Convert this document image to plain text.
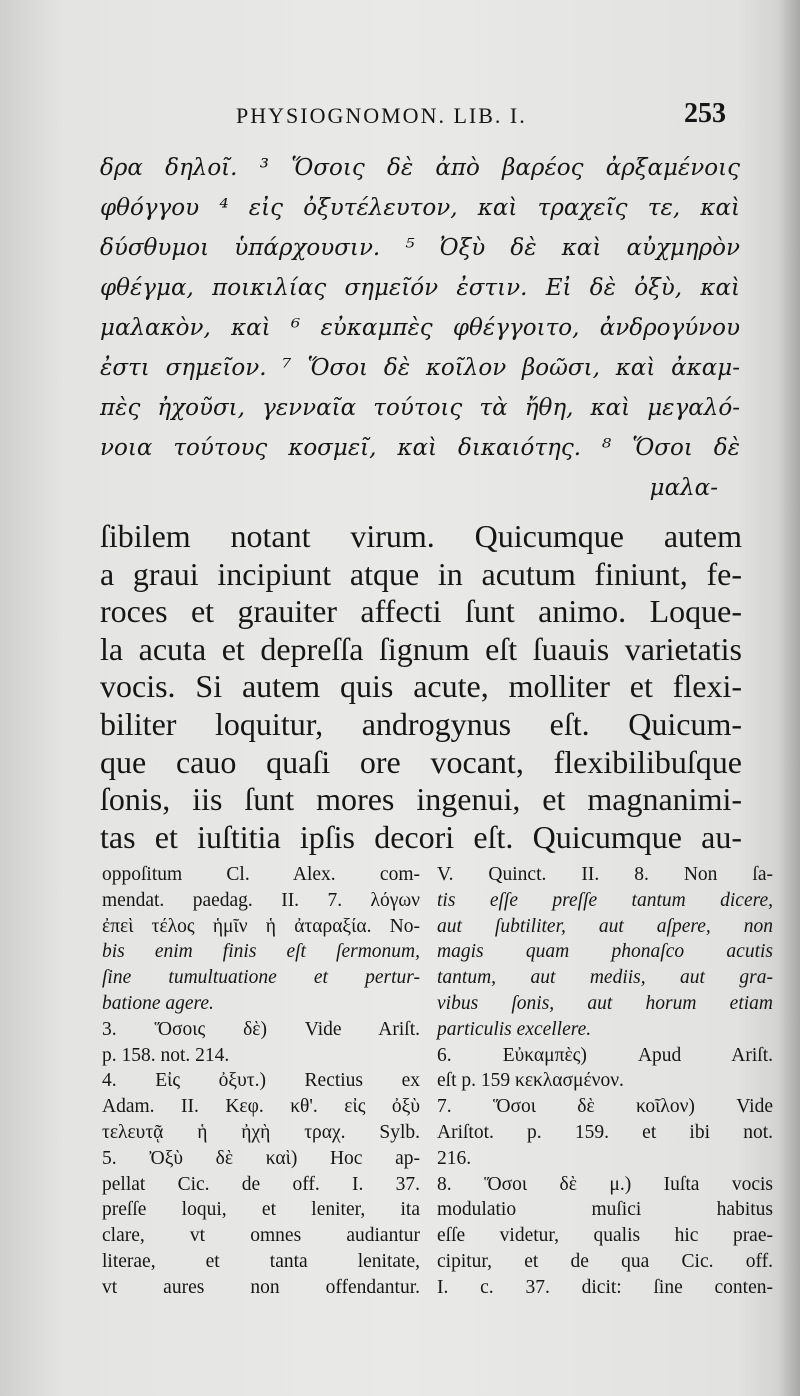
PHYSIOGNOMON. LIB. I.	253
δρα δηλοῖ. ³ Ὅσοις δὲ ἀπὸ βαρέος ἀρξαμένοις
φθόγγου ⁴ εἰς ὀξυτέλευτον, καὶ τραχεῖς τε, καὶ
δύσθυμοι ὑπάρχουσιν. ⁵ Ὀξὺ δὲ καὶ αὐχμηρὸν
φθέγμα, ποικιλίας σημεῖόν ἐστιν. Εἰ δὲ ὀξὺ, καὶ
μαλακὸν, καὶ ⁶ εὐκαμπὲς φθέγγοιτο, ἀνδρογύνου
ἐστι σημεῖον. ⁷ Ὅσοι δὲ κοῖλον βοῶσι, καὶ ἀκαμ-
πὲς ἠχοῦσι, γενναῖα τούτοις τὰ ἤθη, καὶ μεγαλό-
νοια τούτους κοσμεῖ, καὶ δικαιότης. ⁸ Ὅσοι δὲ
μαλα-
ſibilem notant virum. Quicumque autem
a graui incipiunt atque in acutum finiunt, fe-
roces et grauiter affecti ſunt animo. Loque-
la acuta et depreſſa ſignum eſt ſuauis varietatis
vocis. Si autem quis acute, molliter et flexi-
biliter loquitur, androgynus eſt. Quicum-
que cauo quaſi ore vocant, flexibilibuſque
ſonis, iis ſunt mores ingenui, et magnanimi-
tas et iuſtitia ipſis decori eſt. Quicumque au-
oppoſitum Cl. Alex. com-
mendat. paedag. II. 7. λόγων
ἐπεὶ τέλος ἡμῖν ἡ ἀταραξία. No-
bis enim finis eſt ſermonum,
ſine tumultuatione et pertur-
batione agere.
3. Ὅσοις δὲ) Vide Ariſt.
p. 158. not. 214.
4. Εἰς ὀξυτ.) Rectius ex
Adam. II. Κεφ. κθ'. εἰς ὀξὺ
τελευτᾷ ἡ ἠχὴ τραχ. Sylb.
5. Ὀξὺ δὲ καὶ) Hoc ap-
pellat Cic. de off. I. 37.
preſſe loqui, et leniter, ita
clare, vt omnes audiantur
literae, et tanta lenitate,
vt aures non offendantur.
V. Quinct. II. 8. Non ſa-
tis eſſe preſſe tantum dicere,
aut ſubtiliter, aut aſpere, non
magis quam phonaſco acutis
tantum, aut mediis, aut gra-
vibus ſonis, aut horum etiam
particulis excellere.
6. Εὐκαμπὲς) Apud Ariſt.
eſt p. 159 κεκλασμένον.
7. Ὅσοι δὲ κοῖλον) Vide
Ariſtot. p. 159. et ibi not.
216.
8. Ὅσοι δὲ μ.) Iuſta vocis
modulatio muſici habitus
eſſe videtur, qualis hic prae-
cipitur, et de qua Cic. off.
I. c. 37. dicit: ſine conten-
